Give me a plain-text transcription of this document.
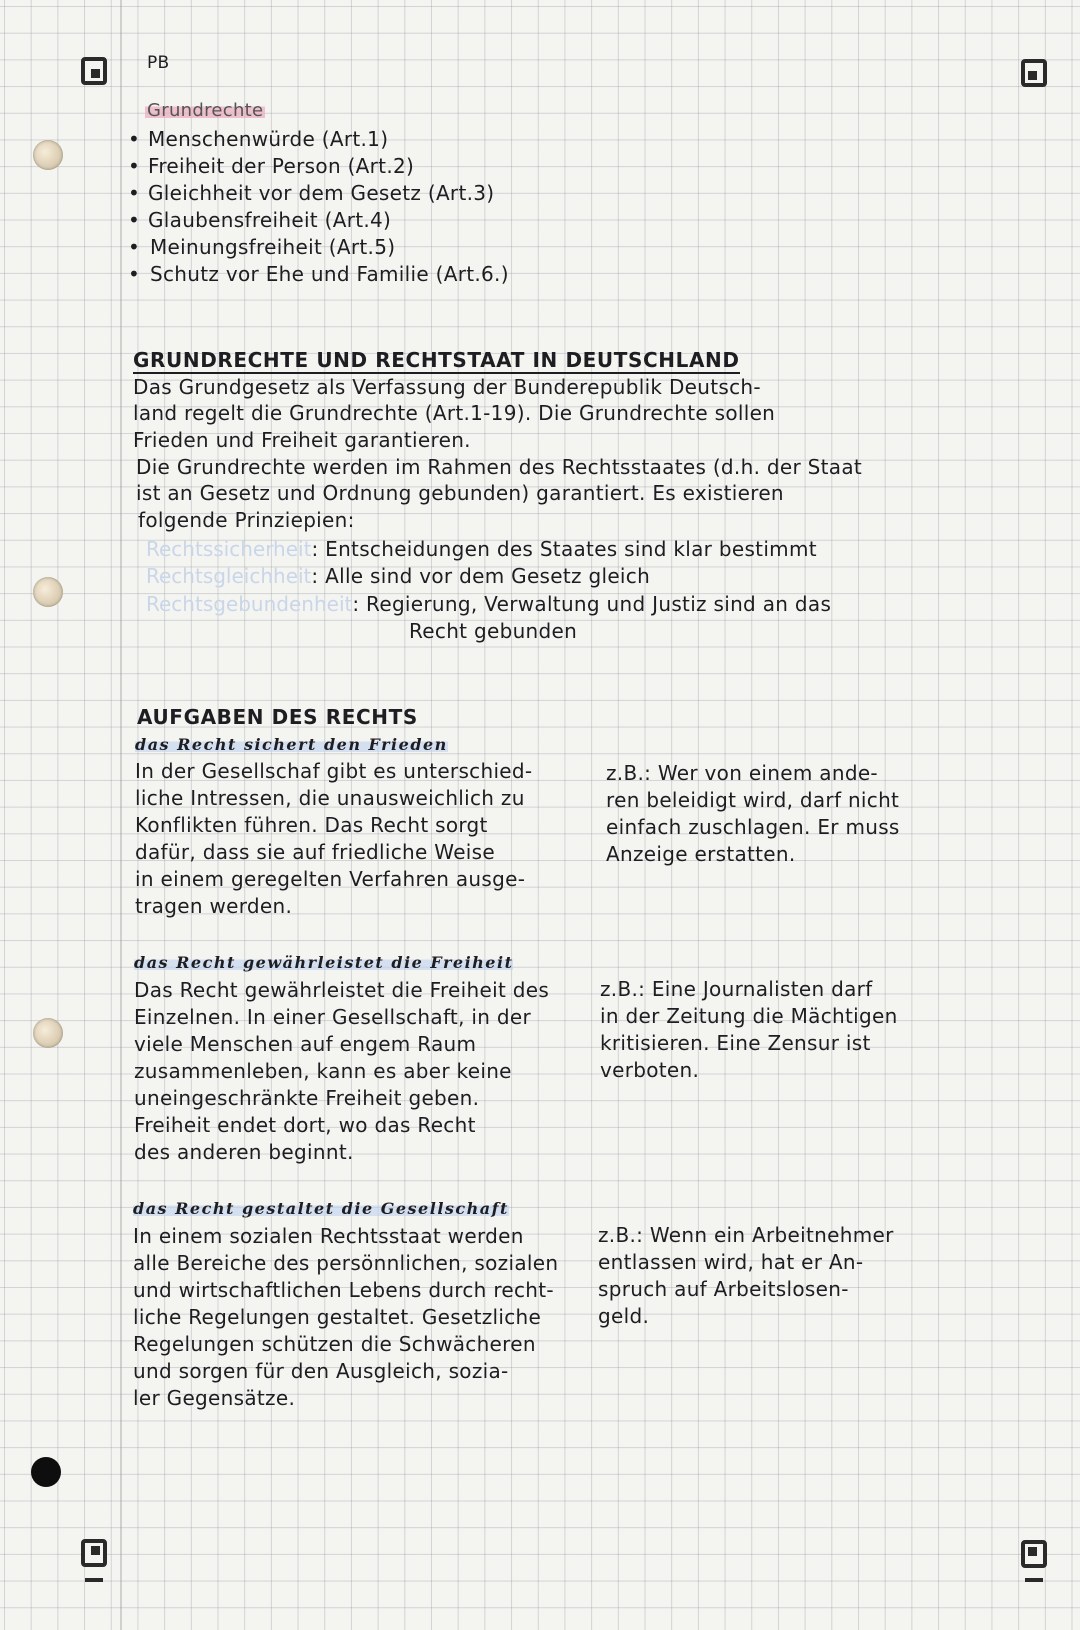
PB
Grundrechte
• Menschenwürde (Art.1)
• Freiheit der Person (Art.2)
• Gleichheit vor dem Gesetz (Art.3)
• Glaubensfreiheit (Art.4)
• Meinungsfreiheit (Art.5)
• Schutz vor Ehe und Familie (Art.6.)
GRUNDRECHTE UND RECHTSTAAT IN DEUTSCHLAND
Das Grundgesetz als Verfassung der Bunderepublik Deutsch-
land regelt die Grundrechte (Art.1-19). Die Grundrechte sollen
Frieden und Freiheit garantieren.
Die Grundrechte werden im Rahmen des Rechtsstaates (d.h. der Staat
ist an Gesetz und Ordnung gebunden) garantiert. Es existieren
folgende Prinziepien:
Rechtssicherheit: Entscheidungen des Staates sind klar bestimmt
Rechtsgleichheit: Alle sind vor dem Gesetz gleich
Rechtsgebundenheit: Regierung, Verwaltung und Justiz sind an das
Recht gebunden
AUFGABEN DES RECHTS
das Recht sichert den Frieden
In der Gesellschaf gibt es unterschied-
liche Intressen, die unausweichlich zu
Konflikten führen. Das Recht sorgt
dafür, dass sie auf friedliche Weise
in einem geregelten Verfahren ausge-
tragen werden.
z.B.: Wer von einem ande-
ren beleidigt wird, darf nicht
einfach zuschlagen. Er muss
Anzeige erstatten.
das Recht gewährleistet die Freiheit
Das Recht gewährleistet die Freiheit des
Einzelnen. In einer Gesellschaft, in der
viele Menschen auf engem Raum
zusammenleben, kann es aber keine
uneingeschränkte Freiheit geben.
Freiheit endet dort, wo das Recht
des anderen beginnt.
z.B.: Eine Journalisten darf
in der Zeitung die Mächtigen
kritisieren. Eine Zensur ist
verboten.
das Recht gestaltet die Gesellschaft
In einem sozialen Rechtsstaat werden
alle Bereiche des persönnlichen, sozialen
und wirtschaftlichen Lebens durch recht-
liche Regelungen gestaltet. Gesetzliche
Regelungen schützen die Schwächeren
und sorgen für den Ausgleich, sozia-
ler Gegensätze.
z.B.: Wenn ein Arbeitnehmer
entlassen wird, hat er An-
spruch auf Arbeitslosen-
geld.
